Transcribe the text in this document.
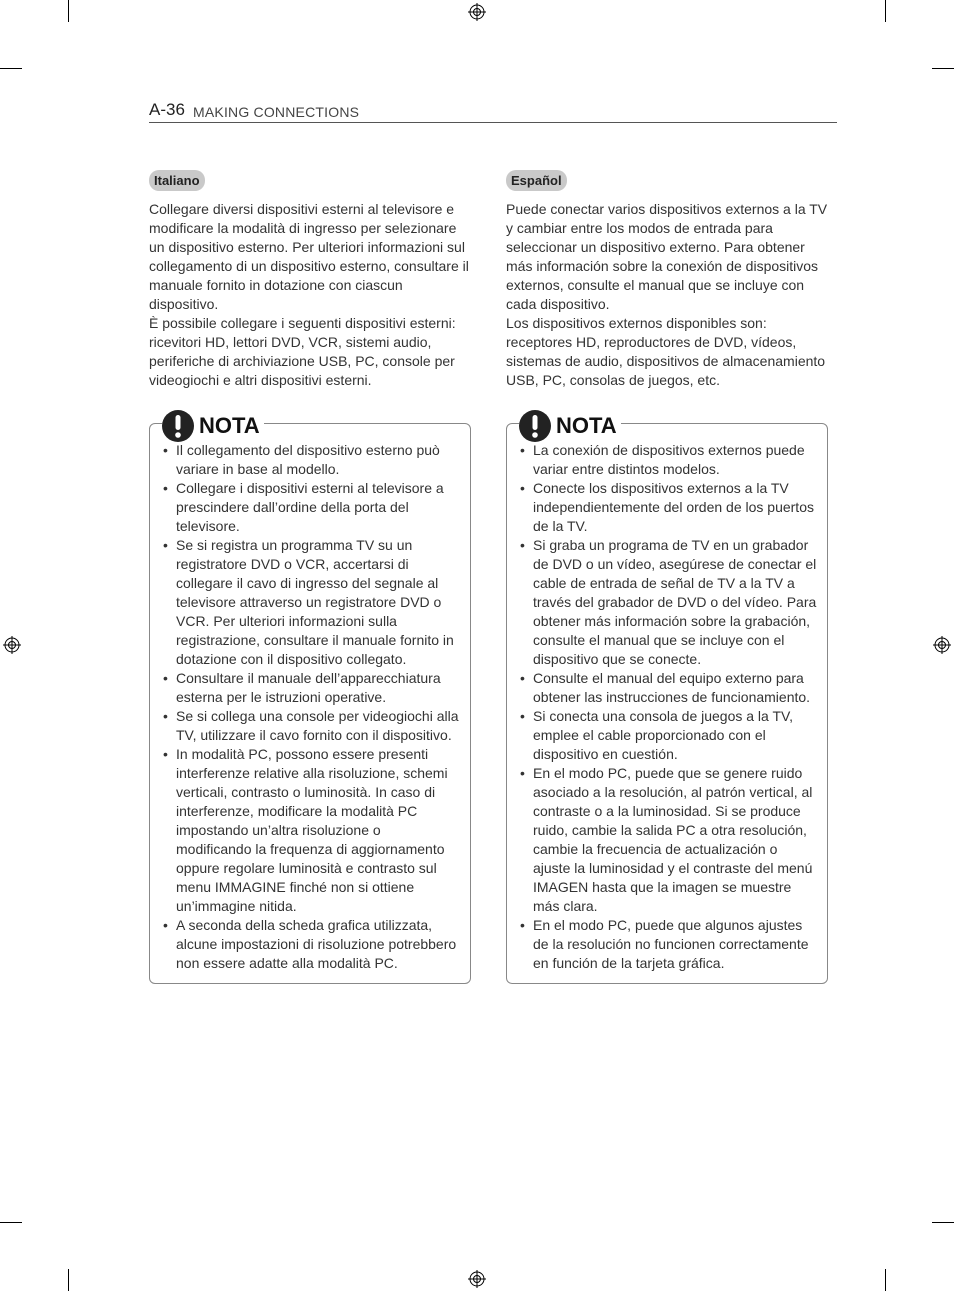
A-36 MAKING CONNECTIONS
Italiano

Collegare diversi dispositivi esterni al televisore e modificare la modalità di ingresso per selezionare un dispositivo esterno. Per ulteriori informazioni sul collegamento di un dispositivo esterno, consultare il manuale fornito in dotazione con ciascun dispositivo.

È possibile collegare i seguenti dispositivi esterni: ricevitori HD, lettori DVD, VCR, sistemi audio, periferiche di archiviazione USB, PC, console per videogiochi e altri dispositivi esterni.

NOTA
• Il collegamento del dispositivo esterno può variare in base al modello.
• Collegare i dispositivi esterni al televisore a prescindere dall’ordine della porta del televisore.
• Se si registra un programma TV su un registratore DVD o VCR, accertarsi di collegare il cavo di ingresso del segnale al televisore attraverso un registratore DVD o VCR. Per ulteriori informazioni sulla registrazione, consultare il manuale fornito in dotazione con il dispositivo collegato.
• Consultare il manuale dell’apparecchiatura esterna per le istruzioni operative.
• Se si collega una console per videogiochi alla TV, utilizzare il cavo fornito con il dispositivo.
• In modalità PC, possono essere presenti interferenze relative alla risoluzione, schemi verticali, contrasto o luminosità. In caso di interferenze, modificare la modalità PC impostando un’altra risoluzione o modificando la frequenza di aggiornamento oppure regolare luminosità e contrasto sul menu IMMAGINE finché non si ottiene un’immagine nitida.
• A seconda della scheda grafica utilizzata, alcune impostazioni di risoluzione potrebbero non essere adatte alla modalità PC.
Español

Puede conectar varios dispositivos externos a la TV y cambiar entre los modos de entrada para seleccionar un dispositivo externo. Para obtener más información sobre la conexión de dispositivos externos, consulte el manual que se incluye con cada dispositivo.

Los dispositivos externos disponibles son: receptores HD, reproductores de DVD, vídeos, sistemas de audio, dispositivos de almacenamiento USB, PC, consolas de juegos, etc.

NOTA
• La conexión de dispositivos externos puede variar entre distintos modelos.
• Conecte los dispositivos externos a la TV independientemente del orden de los puertos de la TV.
• Si graba un programa de TV en un grabador de DVD o un vídeo, asegúrese de conectar el cable de entrada de señal de TV a la TV a través del grabador de DVD o del vídeo. Para obtener más información sobre la grabación, consulte el manual que se incluye con el dispositivo que se conecte.
• Consulte el manual del equipo externo para obtener las instrucciones de funcionamiento.
• Si conecta una consola de juegos a la TV, emplee el cable proporcionado con el dispositivo en cuestión.
• En el modo PC, puede que se genere ruido asociado a la resolución, al patrón vertical, al contraste o a la luminosidad. Si se produce ruido, cambie la salida PC a otra resolución, cambie la frecuencia de actualización o ajuste la luminosidad y el contraste del menú IMAGEN hasta que la imagen se muestre más clara.
• En el modo PC, puede que algunos ajustes de la resolución no funcionen correctamente en función de la tarjeta gráfica.
